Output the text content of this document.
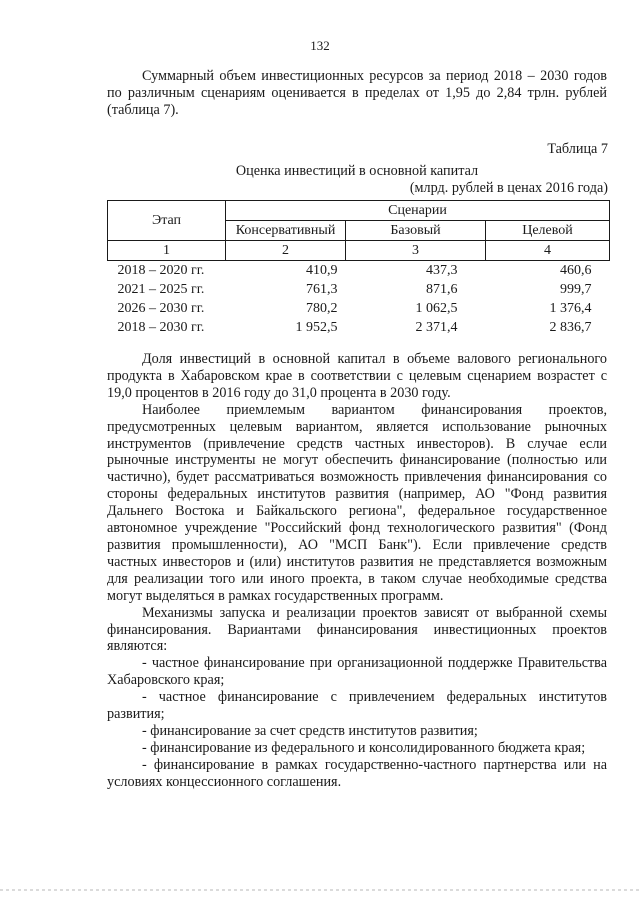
132

Суммарный объем инвестиционных ресурсов за период 2018 – 2030 годов по различным сценариям оценивается в пределах от 1,95 до 2,84 трлн. рублей (таблица 7).

Таблица 7
Оценка инвестиций в основной капитал
(млрд. рублей в ценах 2016 года)
Этап	Сценарии		
	Консервативный	Базовый	Целевой
1	2	3	4
2018 – 2020 гг.	410,9	437,3	460,6
2021 – 2025 гг.	761,3	871,6	999,7
2026 – 2030 гг.	780,2	1 062,5	1 376,4
2018 – 2030 гг.	1 952,5	2 371,4	2 836,7

Доля инвестиций в основной капитал в объеме валового регионального продукта в Хабаровском крае в соответствии с целевым сценарием возрастет с 19,0 процентов в 2016 году до 31,0 процента в 2030 году.

Наиболее приемлемым вариантом финансирования проектов, предусмотренных целевым вариантом, является использование рыночных инструментов (привлечение средств частных инвесторов). В случае если рыночные инструменты не могут обеспечить финансирование (полностью или частично), будет рассматриваться возможность привлечения финансирования со стороны федеральных институтов развития (например, АО "Фонд развития Дальнего Востока и Байкальского региона", федеральное государственное автономное учреждение "Российский фонд технологического развития" (Фонд развития промышленности), АО "МСП Банк"). Если привлечение средств частных инвесторов и (или) институтов развития не представляется возможным для реализации того или иного проекта, в таком случае необходимые средства могут выделяться в рамках государственных программ.

Механизмы запуска и реализации проектов зависят от выбранной схемы финансирования. Вариантами финансирования инвестиционных проектов являются:

- частное финансирование при организационной поддержке Правительства Хабаровского края;

- частное финансирование с привлечением федеральных институтов развития;

- финансирование за счет средств институтов развития;

- финансирование из федерального и консолидированного бюджета края;

- финансирование в рамках государственно-частного партнерства или на условиях концессионного соглашения.
